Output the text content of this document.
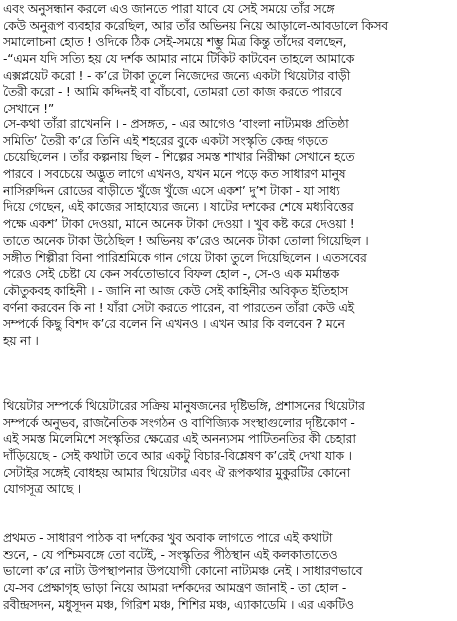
এবং অনুসন্ধান করলে এও জানতে পারা যাবে যে সেই সময়ে তাঁর সঙ্গে
কেউ অনুরূপ ব্যবহার করেছিল, আর তাঁর অভিনয় নিয়ে আড়ালে-আবডালে কিসব
সমালোচনা হোত ! ওদিকে ঠিক সেই-সময়ে শম্ভু মিত্র কিন্তু তাঁদের বলছেন,
-“এমন যদি সত্যি হয় যে দর্শক আমার নামে টিকিট কাটবেন তাহলে আমাকে
এক্সপ্লয়েট করো ! - ক’রে টাকা তুলে নিজেদের জন্যে একটা থিয়েটার বাড়ী
তৈরী করো - ! আমি কদ্দিনই বা বাঁচবো, তোমরা তো কাজ করতে পারবে
সেখানে !”
সে-কথা তাঁরা রাখেননি । - প্রসঙ্গত, - এর আগেও ‘বাংলা নাট্যমঞ্চ প্রতিষ্ঠা
সমিতি’ তৈরী ক’রে তিনি এই শহরের বুকে একটা সংস্কৃতি কেন্দ্র গড়তে
চেয়েছিলেন । তাঁর কল্পনায় ছিল - শিল্পের সমস্ত শাখার নিরীক্ষা সেখানে হতে
পারবে । সবচেয়ে অদ্ভুত লাগে এখনও, যখন মনে পড়ে কত সাধারণ মানুষ
নাসিরুদ্দিন রোডের বাড়ীতে খুঁজে খুঁজে এসে একশ’ দু’শ টাকা - যা সাধ্য
দিয়ে গেছেন, এই কাজের সাহায্যের জন্যে । ষাটের দশকের শেষে মধ্যবিত্তের
পক্ষে একশ’ টাকা দেওয়া, মানে অনেক টাকা দেওয়া । খুব কষ্ট করে দেওয়া !
তাতে অনেক টাকা উঠেছিল ! অভিনয় ক’রেও অনেক টাকা তোলা গিয়েছিল ।
সঙ্গীত শিল্পীরা বিনা পারিশ্রমিকে গান গেয়ে টাকা তুলে দিয়েছিলেন । এতসবের
পরেও সেই চেষ্টা যে কেন সর্বতোভাবে বিফল হোল -, সে-ও এক মর্মান্তক
কৌতুকবহ কাহিনী । - জানি না আজ কেউ সেই কাহিনীর অবিকৃত ইতিহাস
বর্ণনা করবেন কি না ! যাঁরা সেটা করতে পারেন, বা পারতেন তাঁরা কেউ এই
সম্পর্কে কিছু বিশদ ক’রে বলেন নি এখনও । এখন আর কি বলবেন ? মনে
হয় না ।
থিয়েটার সম্পর্কে থিয়েটারের সক্রিয় মানুষজনের দৃষ্টিভঙ্গি, প্রশাসনের থিয়েটার
সম্পর্কে অনুভব, রাজনৈতিক সংগঠন ও বাণিজ্যিক সংস্থাগুলোর দৃষ্টিকোণ -
এই সমস্ত মিলেমিশে সংস্কৃতির ক্ষেত্রের এই অনন্যসম পাটিতনতির কী চেহারা
দাঁড়িয়েছে - সেই কথাটা তবে আর একটু বিচার-বিশ্লেষণ ক’রেই দেখা যাক ।
সেটাইর সঙ্গেই বোধহয় আমার থিয়েটার এবং ঐ রূপকথার মুকুরটির কোনো
যোগসূত্র আছে ।
প্রথমত - সাধারণ পাঠক বা দর্শকের খুব অবাক লাগতে পারে এই কথাটা
শুনে, - যে পশ্চিমবঙ্গে তো বটেই, - সংস্কৃতির পীঠস্থান এই কলকাতাতেও
ভালো ক’রে নাট্য উপস্থাপনার উপযোগী কোনো নাট্যমঞ্চ নেই । সাধারণভাবে
যে-সব প্রেক্ষাগৃহ ভাড়া নিয়ে আমরা দর্শকদের আমন্ত্রণ জানাই - তা হোল -
রবীন্দ্রসদন, মধুসূদন মঞ্চ, গিরিশ মঞ্চ, শিশির মঞ্চ, এ্যাকাডেমি । এর একটিও
